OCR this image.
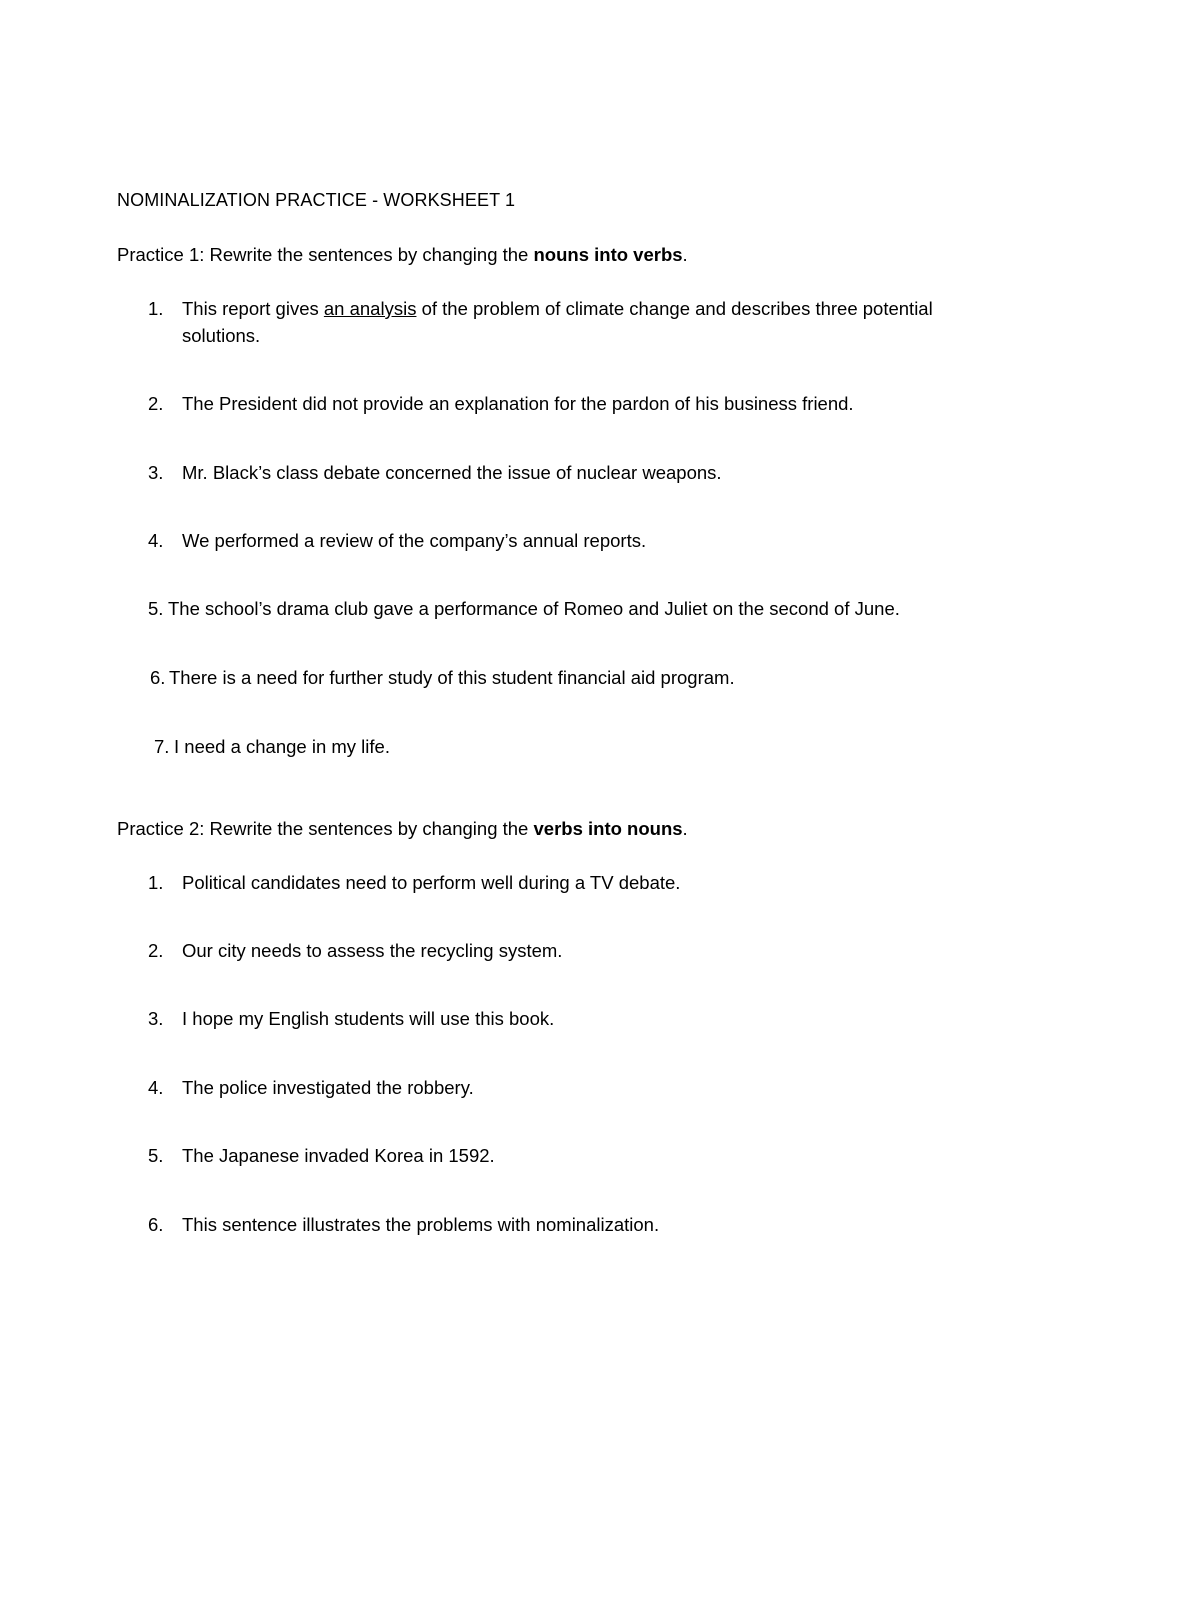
NOMINALIZATION PRACTICE - WORKSHEET 1
Practice 1: Rewrite the sentences by changing the nouns into verbs.
1.	This report gives an analysis of the problem of climate change and describes three potential
solutions.
2.	The President did not provide an explanation for the pardon of his business friend.
3.	Mr. Black’s class debate concerned the issue of nuclear weapons.
4.	We performed a review of the company’s annual reports.
5. The school’s drama club gave a performance of Romeo and Juliet on the second of June.
6. There is a need for further study of this student financial aid program.
7. I need a change in my life.
Practice 2: Rewrite the sentences by changing the verbs into nouns.
1.	Political candidates need to perform well during a TV debate.
2.	Our city needs to assess the recycling system.
3.	I hope my English students will use this book.
4.	The police investigated the robbery.
5.	The Japanese invaded Korea in 1592.
6.	This sentence illustrates the problems with nominalization.
